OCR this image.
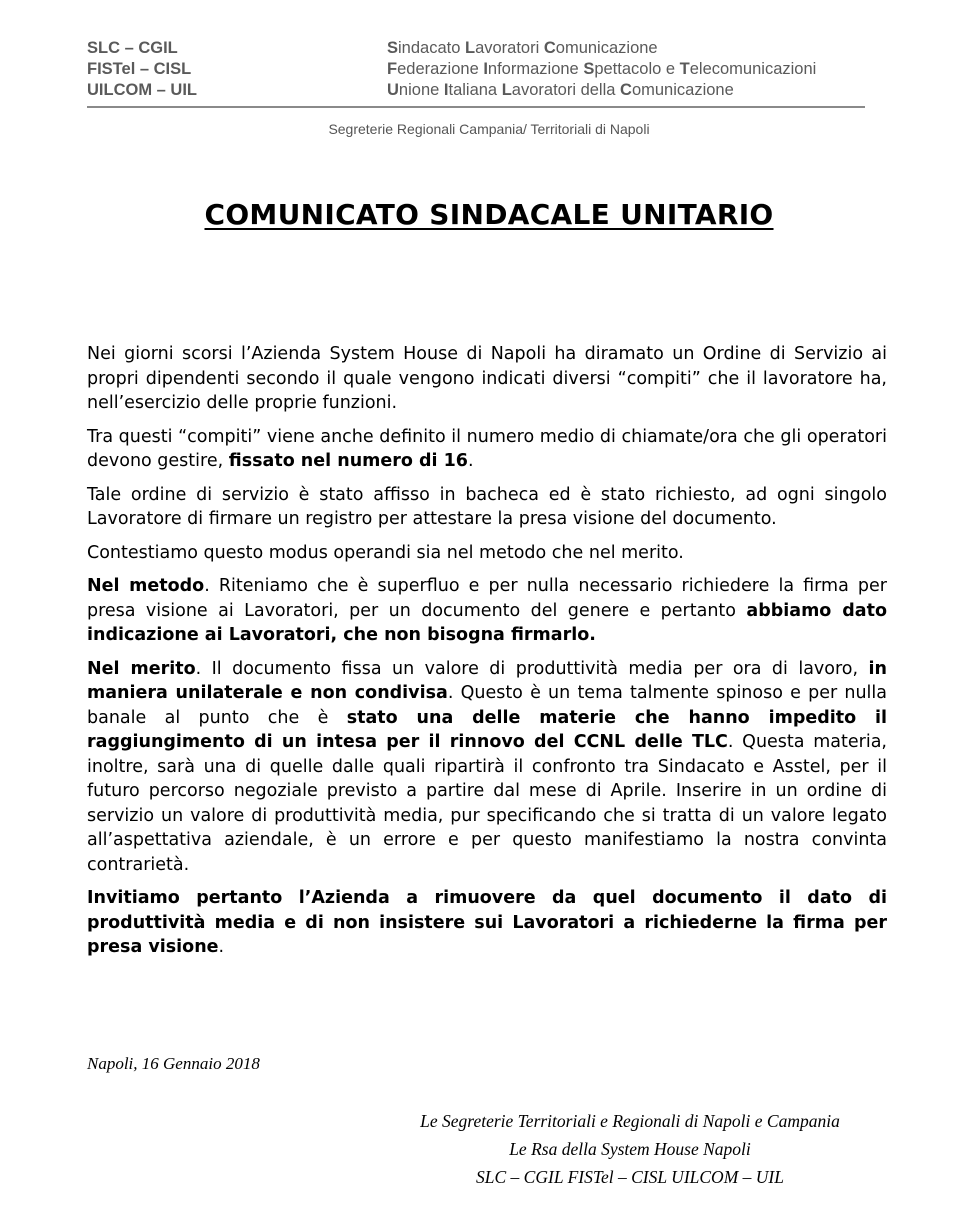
SLC – CGIL	Sindacato Lavoratori Comunicazione
FISTel – CISL	Federazione Informazione Spettacolo e Telecomunicazioni
UILCOM – UIL	Unione Italiana Lavoratori della Comunicazione
Segreterie Regionali Campania/ Territoriali di Napoli
COMUNICATO SINDACALE UNITARIO

Nei giorni scorsi l’Azienda System House di Napoli ha diramato un Ordine di Servizio ai propri dipendenti secondo il quale vengono indicati diversi “compiti” che il lavoratore ha, nell’esercizio delle proprie funzioni.

Tra questi “compiti” viene anche definito il numero medio di chiamate/ora che gli operatori devono gestire, fissato nel numero di 16.

Tale ordine di servizio è stato affisso in bacheca ed è stato richiesto, ad ogni singolo Lavoratore di firmare un registro per attestare la presa visione del documento.

Contestiamo questo modus operandi sia nel metodo che nel merito.

Nel metodo. Riteniamo che è superfluo e per nulla necessario richiedere la firma per presa visione ai Lavoratori, per un documento del genere e pertanto abbiamo dato indicazione ai Lavoratori, che non bisogna firmarlo.

Nel merito. Il documento fissa un valore di produttività media per ora di lavoro, in maniera unilaterale e non condivisa. Questo è un tema talmente spinoso e per nulla banale al punto che è stato una delle materie che hanno impedito il raggiungimento di un intesa per il rinnovo del CCNL delle TLC. Questa materia, inoltre, sarà una di quelle dalle quali ripartirà il confronto tra Sindacato e Asstel, per il futuro percorso negoziale previsto a partire dal mese di Aprile. Inserire in un ordine di servizio un valore di produttività media, pur specificando che si tratta di un valore legato all’aspettativa aziendale, è un errore e per questo manifestiamo la nostra convinta contrarietà.

Invitiamo pertanto l’Azienda a rimuovere da quel documento il dato di produttività media e di non insistere sui Lavoratori a richiederne la firma per presa visione.

Napoli, 16 Gennaio 2018
Le Segreterie Territoriali e Regionali di Napoli e Campania
Le Rsa della System House Napoli
SLC – CGIL FISTel – CISL UILCOM – UIL
